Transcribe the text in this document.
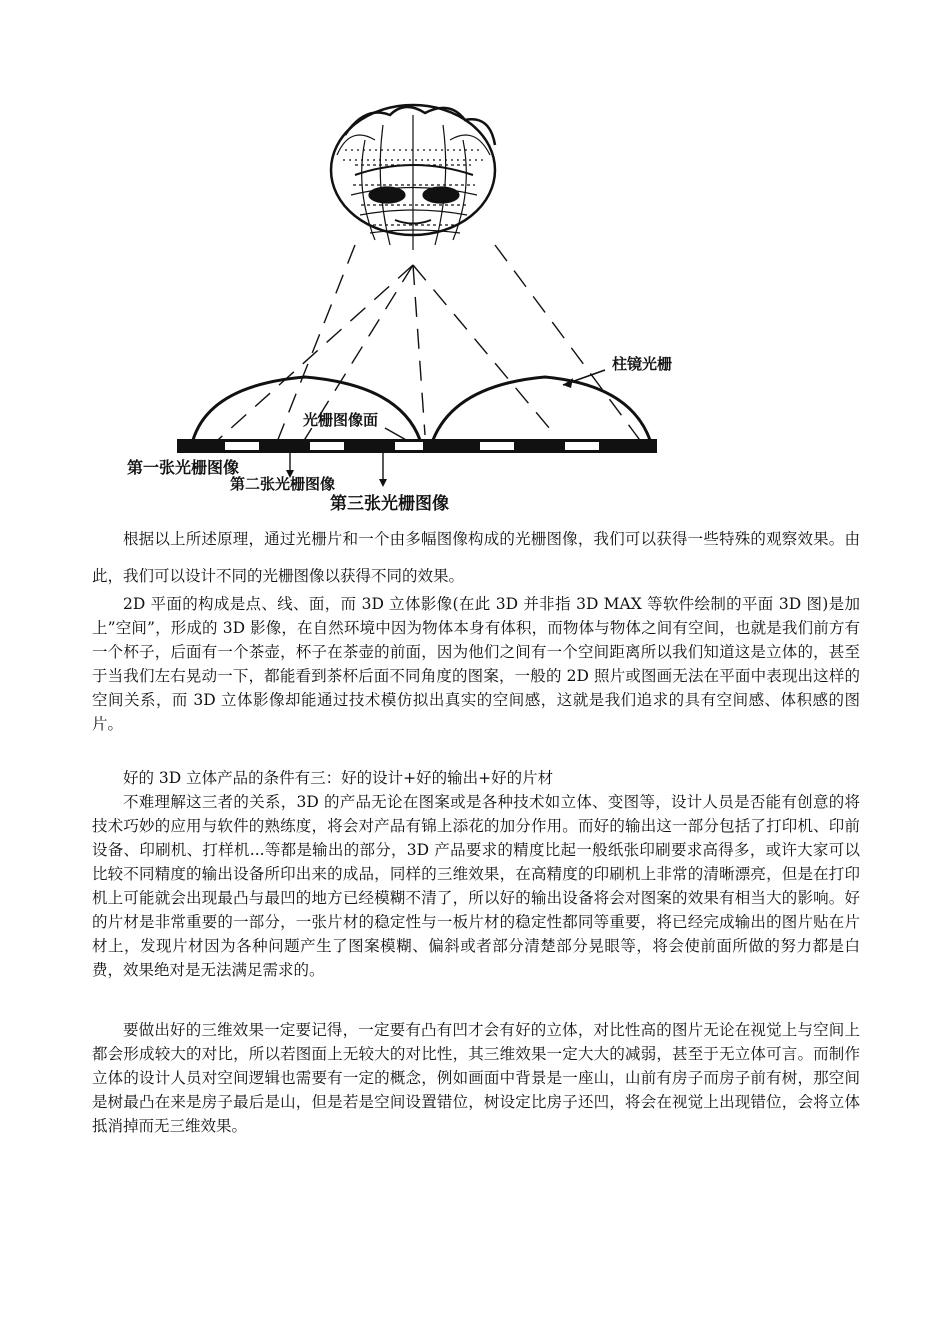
柱镜光栅
光栅图像面
第一张光栅图像
第二张光栅图像
第三张光栅图像

根据以上所述原理，通过光栅片和一个由多幅图像构成的光栅图像，我们可以获得一些特殊的观察效果。由此，我们可以设计不同的光栅图像以获得不同的效果。

2D 平面的构成是点、线、面，而 3D 立体影像(在此 3D 并非指 3D MAX 等软件绘制的平面 3D 图)是加上”空间”，形成的 3D 影像，在自然环境中因为物体本身有体积，而物体与物体之间有空间，也就是我们前方有一个杯子，后面有一个茶壶，杯子在茶壶的前面，因为他们之间有一个空间距离所以我们知道这是立体的，甚至于当我们左右晃动一下，都能看到茶杯后面不同角度的图案，一般的 2D 照片或图画无法在平面中表现出这样的空间关系，而 3D 立体影像却能通过技术模仿拟出真实的空间感，这就是我们追求的具有空间感、体积感的图片。

好的 3D 立体产品的条件有三：好的设计+好的输出+好的片材

不难理解这三者的关系，3D 的产品无论在图案或是各种技术如立体、变图等，设计人员是否能有创意的将技术巧妙的应用与软件的熟练度，将会对产品有锦上添花的加分作用。而好的输出这一部分包括了打印机、印前设备、印刷机、打样机...等都是输出的部分，3D 产品要求的精度比起一般纸张印刷要求高得多，或许大家可以比较不同精度的输出设备所印出来的成品，同样的三维效果，在高精度的印刷机上非常的清晰漂亮，但是在打印机上可能就会出现最凸与最凹的地方已经模糊不清了，所以好的输出设备将会对图案的效果有相当大的影响。好的片材是非常重要的一部分，一张片材的稳定性与一板片材的稳定性都同等重要，将已经完成输出的图片贴在片材上，发现片材因为各种问题产生了图案模糊、偏斜或者部分清楚部分晃眼等，将会使前面所做的努力都是白费，效果绝对是无法满足需求的。

要做出好的三维效果一定要记得，一定要有凸有凹才会有好的立体，对比性高的图片无论在视觉上与空间上都会形成较大的对比，所以若图面上无较大的对比性，其三维效果一定大大的减弱，甚至于无立体可言。而制作立体的设计人员对空间逻辑也需要有一定的概念，例如画面中背景是一座山，山前有房子而房子前有树，那空间是树最凸在来是房子最后是山，但是若是空间设置错位，树设定比房子还凹，将会在视觉上出现错位，会将立体抵消掉而无三维效果。
